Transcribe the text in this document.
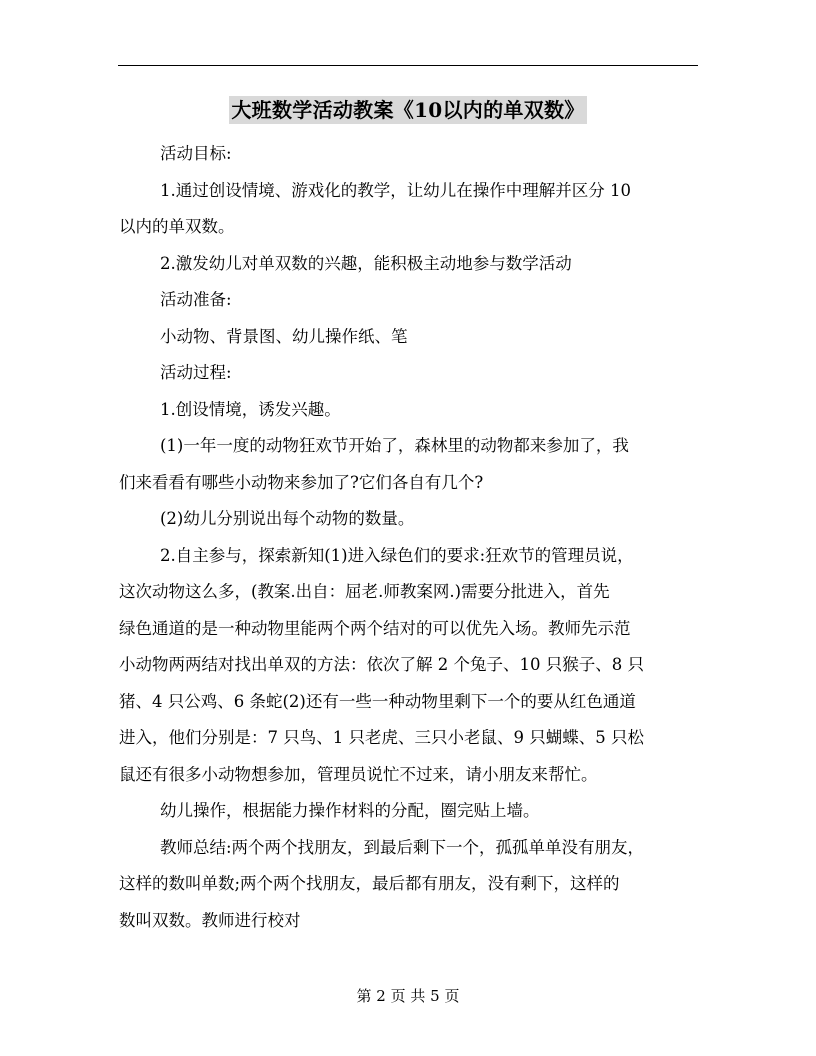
大班数学活动教案《10以内的单双数》

活动目标:

1.通过创设情境、游戏化的教学，让幼儿在操作中理解并区分 10

以内的单双数。

2.激发幼儿对单双数的兴趣，能积极主动地参与数学活动

活动准备:

小动物、背景图、幼儿操作纸、笔

活动过程:

1.创设情境，诱发兴趣。

(1)一年一度的动物狂欢节开始了，森林里的动物都来参加了，我

们来看看有哪些小动物来参加了?它们各自有几个?

(2)幼儿分别说出每个动物的数量。

2.自主参与，探索新知(1)进入绿色们的要求:狂欢节的管理员说，

这次动物这么多，(教案.出自：屈老.师教案网.)需要分批进入，首先

绿色通道的是一种动物里能两个两个结对的可以优先入场。教师先示范

小动物两两结对找出单双的方法：依次了解 2 个兔子、10 只猴子、8 只

猪、4 只公鸡、6 条蛇(2)还有一些一种动物里剩下一个的要从红色通道

进入，他们分别是：7 只鸟、1 只老虎、三只小老鼠、9 只蝴蝶、5 只松

鼠还有很多小动物想参加，管理员说忙不过来，请小朋友来帮忙。

幼儿操作，根据能力操作材料的分配，圈完贴上墙。

教师总结:两个两个找朋友，到最后剩下一个，孤孤单单没有朋友，

这样的数叫单数;两个两个找朋友，最后都有朋友，没有剩下，这样的

数叫双数。教师进行校对

第 2 页 共 5 页
